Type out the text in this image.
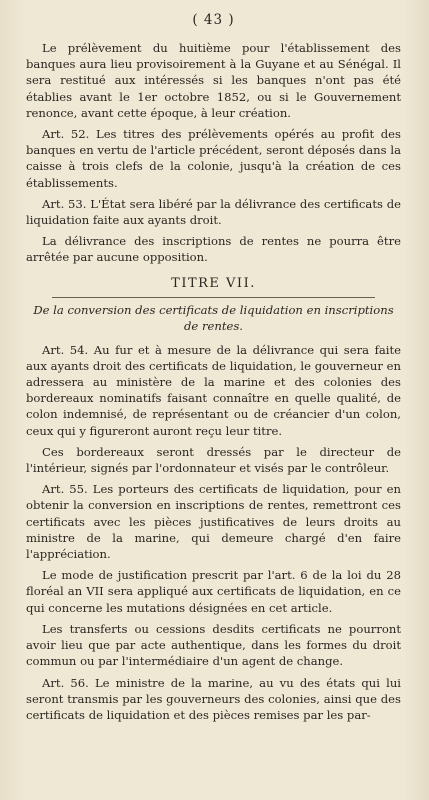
( 43 )

Le prélèvement du huitième pour l'établissement des banques aura lieu provisoirement à la Guyane et au Sénégal. Il sera restitué aux intéressés si les banques n'ont pas été établies avant le 1er octobre 1852, ou si le Gouvernement renonce, avant cette époque, à leur création.

Art. 52. Les titres des prélèvements opérés au profit des banques en vertu de l'article précédent, seront déposés dans la caisse à trois clefs de la colonie, jusqu'à la création de ces établissements.

Art. 53. L'État sera libéré par la délivrance des certificats de liquidation faite aux ayants droit.

La délivrance des inscriptions de rentes ne pourra être arrêtée par aucune opposition.

TITRE VII.

De la conversion des certificats de liquidation en inscriptions de rentes.

Art. 54. Au fur et à mesure de la délivrance qui sera faite aux ayants droit des certificats de liquidation, le gouverneur en adressera au ministère de la marine et des colonies des bordereaux nominatifs faisant connaître en quelle qualité, de colon indemnisé, de représentant ou de créancier d'un colon, ceux qui y figureront auront reçu leur titre.

Ces bordereaux seront dressés par le directeur de l'intérieur, signés par l'ordonnateur et visés par le contrôleur.

Art. 55. Les porteurs des certificats de liquidation, pour en obtenir la conversion en inscriptions de rentes, remettront ces certificats avec les pièces justificatives de leurs droits au ministre de la marine, qui demeure chargé d'en faire l'appréciation.

Le mode de justification prescrit par l'art. 6 de la loi du 28 floréal an VII sera appliqué aux certificats de liquidation, en ce qui concerne les mutations désignées en cet article.

Les transferts ou cessions desdits certificats ne pourront avoir lieu que par acte authentique, dans les formes du droit commun ou par l'intermédiaire d'un agent de change.

Art. 56. Le ministre de la marine, au vu des états qui lui seront transmis par les gouverneurs des colonies, ainsi que des certificats de liquidation et des pièces remises par les par-
